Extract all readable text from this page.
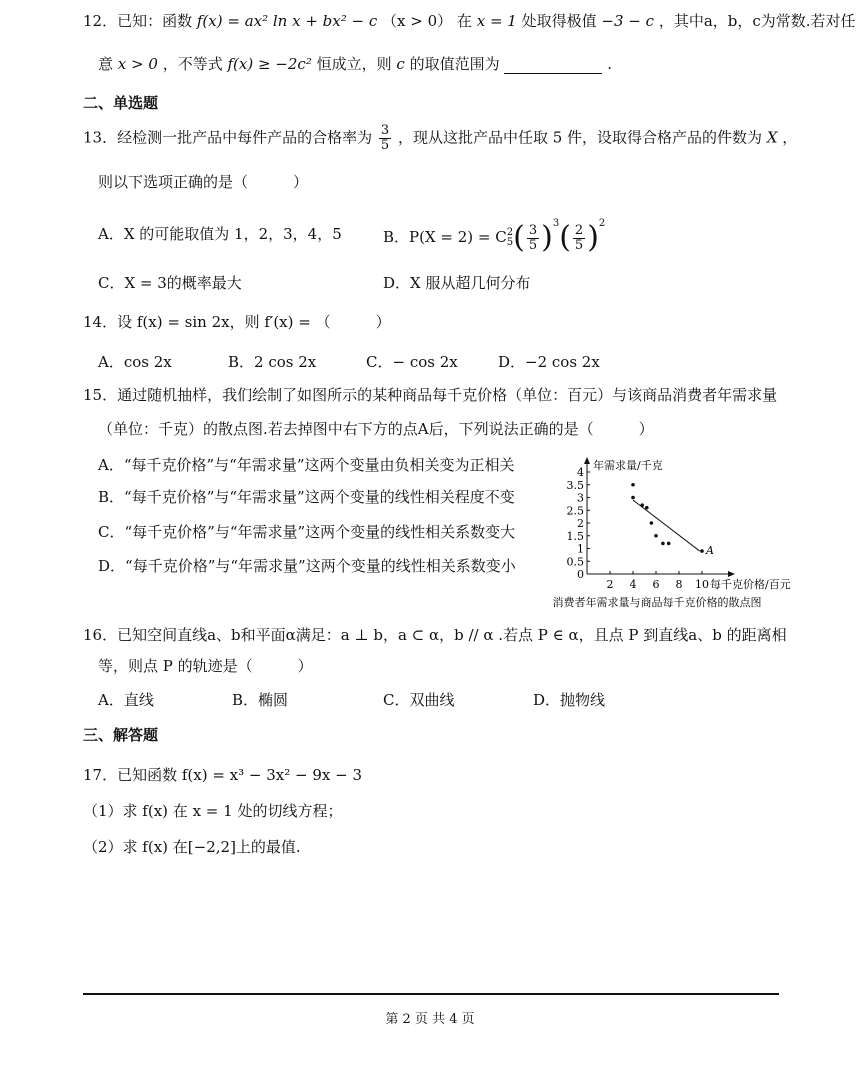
12．已知：函数 f(x) = ax² ln x + bx² − c （x > 0） 在 x = 1 处取得极值 −3 − c ，其中a，b，c为常数.若对任
意 x > 0 ，不等式 f(x) ≥ −2c² 恒成立，则 c 的取值范围为	.
二、单选题
13．经检测一批产品中每件产品的合格率为 $\frac{3}{5}$ ，现从这批产品中任取 5 件，设取得合格产品的件数为 X ，
则以下选项正确的是（　　　）
A．X 的可能取值为 1，2，3，4，5	B．P(X = 2) = C 2
5 ( $\frac{3}{5} )^3( \frac{2}{5} )^2$
C．X = 3的概率最大	D．X 服从超几何分布
14．设 f(x) = sin 2x，则 f′(x) = （　　　）
A．cos 2x	B．2 cos 2x	C．− cos 2x	D．−2 cos 2x
15．通过随机抽样，我们绘制了如图所示的某种商品每千克价格（单位：百元）与该商品消费者年需求量
（单位：千克）的散点图.若去掉图中右下方的点A后，下列说法正确的是（　　　）
A．“每千克价格”与“年需求量”这两个变量由负相关变为正相关
B．“每千克价格”与“年需求量”这两个变量的线性相关程度不变
C．“每千克价格”与“年需求量”这两个变量的线性相关系数变大
D．“每千克价格”与“年需求量”这两个变量的线性相关系数变小	0
0.5
1
1.5
2
2.5
3
3.5
4
2 4 6 8 10
年需求量/千克
每千克价格/百元
A
消费者年需求量与商品每千克价格的散点图
16．已知空间直线a、b和平面α满足：a ⊥ b，a ⊂ α，b // α .若点 P ∈ α，且点 P 到直线a、b 的距离相
等，则点 P 的轨迹是（　　　）
A．直线	B．椭圆	C．双曲线	D．抛物线
三、解答题
17．已知函数 f(x) = x³ − 3x² − 9x − 3
（1）求 f(x) 在 x = 1 处的切线方程；
（2）求 f(x) 在[−2,2]上的最值.
第 2 页 共 4 页
